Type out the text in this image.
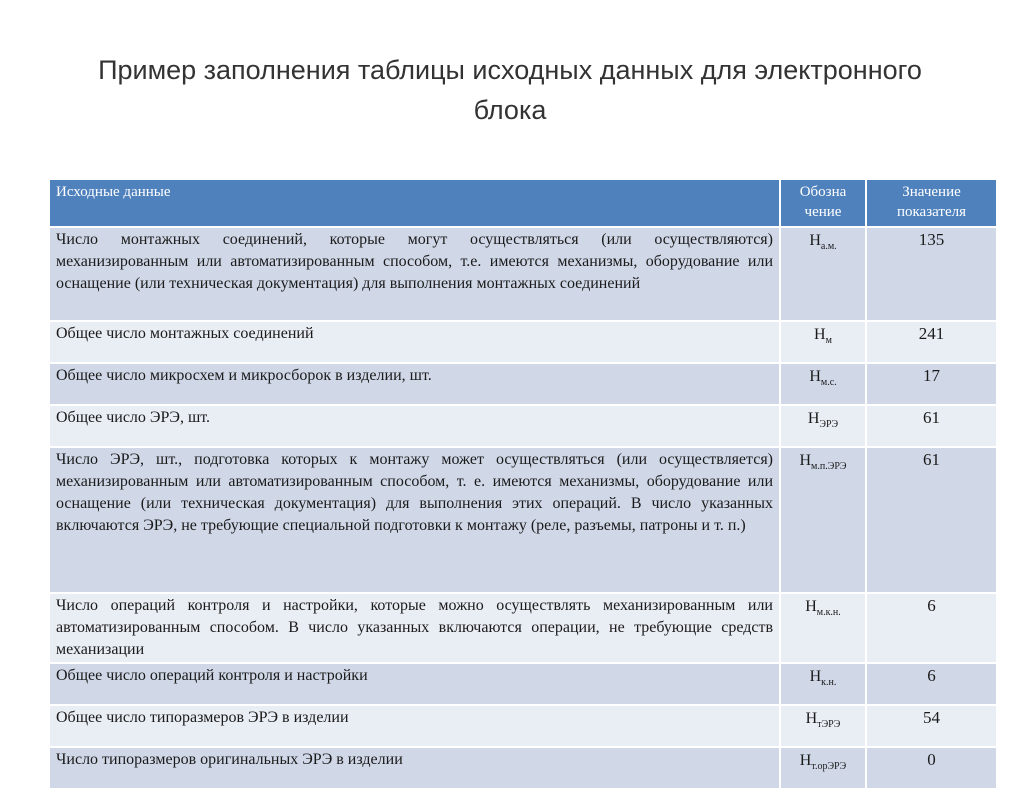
Пример заполнения таблицы исходных данных для электронного блока
Исходные данные	Обозна чение	Значение показателя
Число монтажных соединений, которые могут осуществляться (или осуществляются) механизированным или автоматизированным способом, т.е. имеются механизмы, оборудование или оснащение (или техническая документация) для выполнения монтажных соединений	$Н_{а.м.}$	135
Общее число монтажных соединений	$Н_м$	241
Общее число микросхем и микросборок в изделии, шт.	$Н_{м.с.}$	17
Общее число ЭРЭ, шт.	$Н_{ЭРЭ}$	61
Число ЭРЭ, шт., подготовка которых к монтажу может осуществляться (или осуществляется) механизированным или автоматизированным способом, т. е. имеются механизмы, оборудование или оснащение (или техническая документация) для выполнения этих операций. В число указанных включаются ЭРЭ, не требующие специальной подготовки к монтажу (реле, разъемы, патроны и т. п.)	$Н_{м.п.ЭРЭ}$	61
Число операций контроля и настройки, которые можно осуществлять механизированным или автоматизированным способом. В число указанных включаются операции, не требующие средств механизации	$Н_{м.к.н.}$	6
Общее число операций контроля и настройки	$Н_{к.н.}$	6
Общее число типоразмеров ЭРЭ в изделии	$Н_{тЭРЭ}$	54
Число типоразмеров оригинальных ЭРЭ в изделии	$Н_{т.орЭРЭ}$	0
